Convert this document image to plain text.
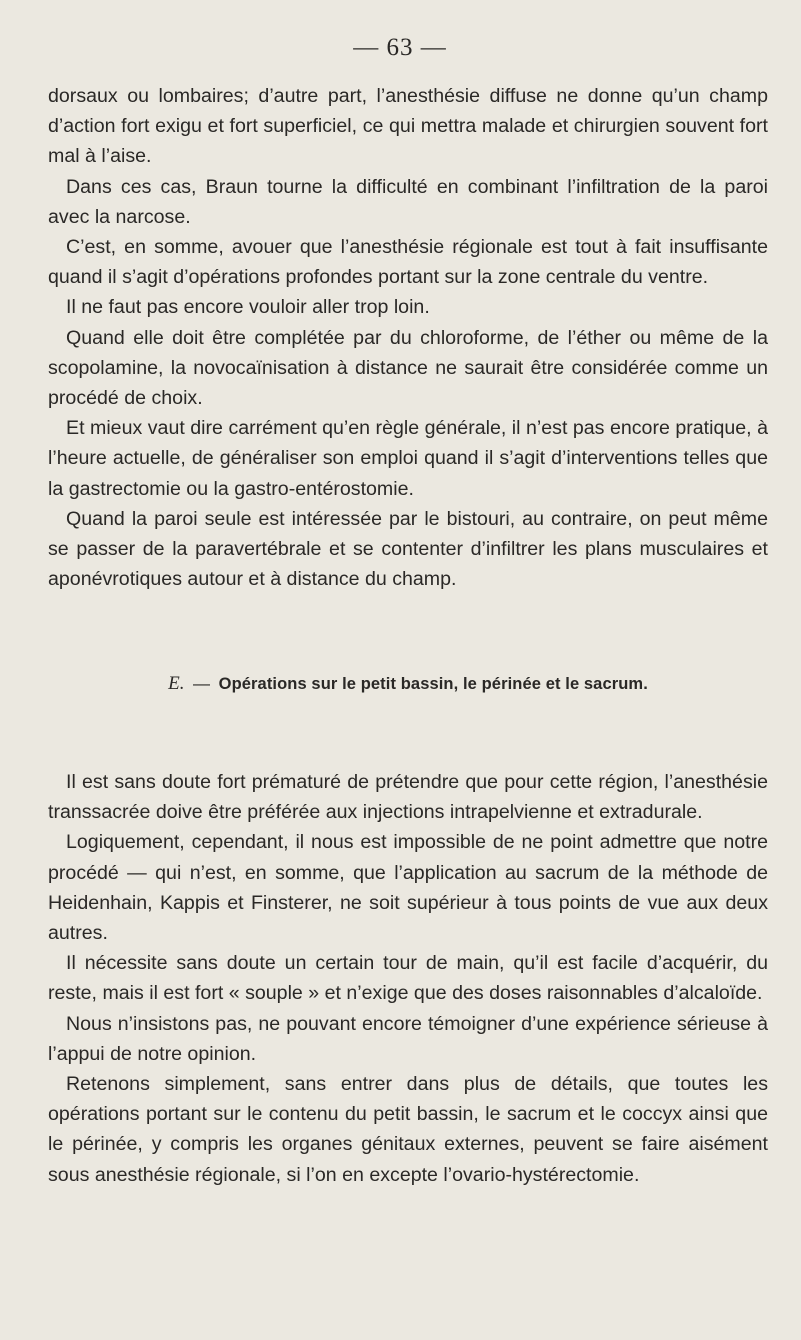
— 63 —

dorsaux ou lombaires; d’autre part, l’anesthésie diffuse ne donne qu’un champ d’action fort exigu et fort superficiel, ce qui mettra malade et chirurgien souvent fort mal à l’aise.

Dans ces cas, Braun tourne la difficulté en combinant l’infiltration de la paroi avec la narcose.

C’est, en somme, avouer que l’anesthésie régionale est tout à fait insuffisante quand il s’agit d’opérations profondes portant sur la zone centrale du ventre.

Il ne faut pas encore vouloir aller trop loin.

Quand elle doit être complétée par du chloroforme, de l’éther ou même de la scopolamine, la novocaïnisation à distance ne saurait être considérée comme un procédé de choix.

Et mieux vaut dire carrément qu’en règle générale, il n’est pas encore pratique, à l’heure actuelle, de généraliser son emploi quand il s’agit d’interventions telles que la gastrectomie ou la gastro-entérostomie.

Quand la paroi seule est intéressée par le bistouri, au contraire, on peut même se passer de la paravertébrale et se contenter d’infiltrer les plans musculaires et aponévrotiques autour et à distance du champ.

E. — Opérations sur le petit bassin, le périnée et le sacrum.

Il est sans doute fort prématuré de prétendre que pour cette région, l’anesthésie transsacrée doive être préférée aux injections intrapelvienne et extradurale.

Logiquement, cependant, il nous est impossible de ne point admettre que notre procédé — qui n’est, en somme, que l’application au sacrum de la méthode de Heidenhain, Kappis et Finsterer, ne soit supérieur à tous points de vue aux deux autres.

Il nécessite sans doute un certain tour de main, qu’il est facile d’acquérir, du reste, mais il est fort « souple » et n’exige que des doses raisonnables d’alcaloïde.

Nous n’insistons pas, ne pouvant encore témoigner d’une expérience sérieuse à l’appui de notre opinion.

Retenons simplement, sans entrer dans plus de détails, que toutes les opérations portant sur le contenu du petit bassin, le sacrum et le coccyx ainsi que le périnée, y compris les organes génitaux externes, peuvent se faire aisément sous anesthésie régionale, si l’on en excepte l’ovario-hystérectomie.
